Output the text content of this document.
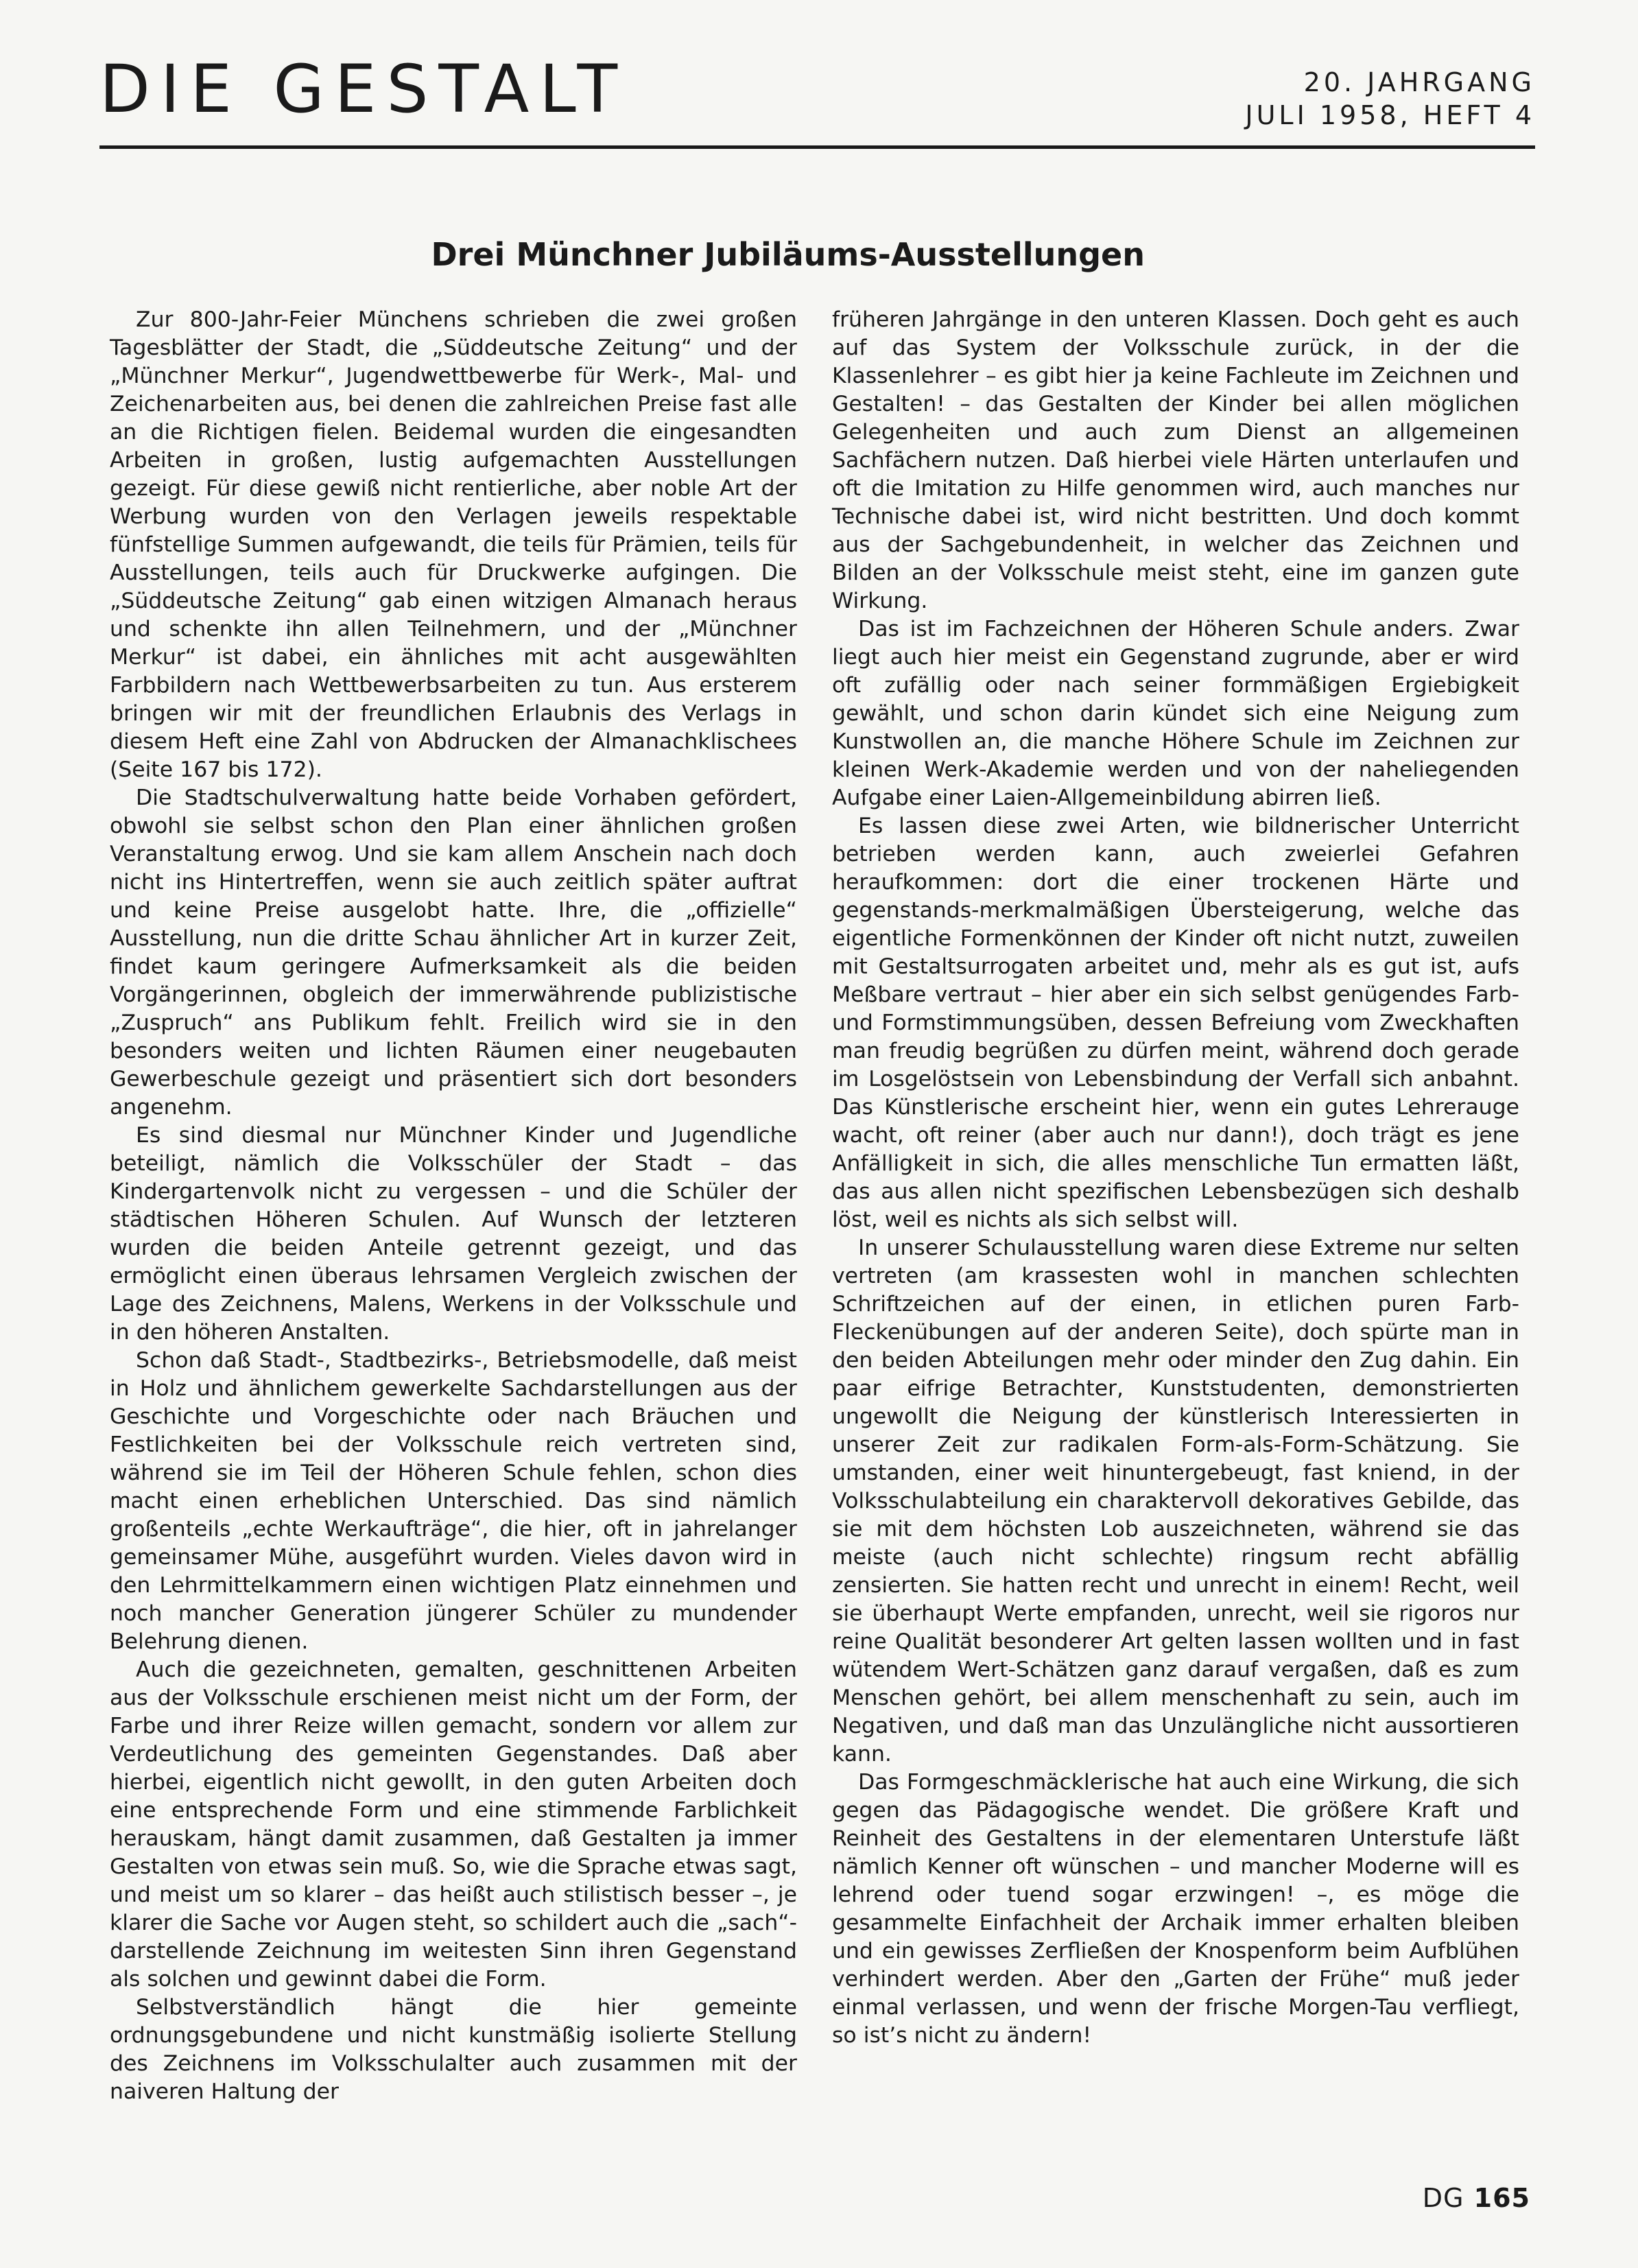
DIE GESTALT	20. JAHRGANG
JULI 1958, HEFT 4
Drei Münchner Jubiläums-Ausstellungen

Zur 800-Jahr-Feier Münchens schrieben die zwei großen Tagesblätter der Stadt, die „Süddeutsche Zeitung“ und der „Münchner Merkur“, Jugendwettbewerbe für Werk-, Mal- und Zeichenarbeiten aus, bei denen die zahlreichen Preise fast alle an die Richtigen fielen. Beidemal wurden die eingesandten Arbeiten in großen, lustig aufgemachten Ausstellungen gezeigt. Für diese gewiß nicht rentierliche, aber noble Art der Werbung wurden von den Verlagen jeweils respektable fünfstellige Summen aufgewandt, die teils für Prämien, teils für Ausstellungen, teils auch für Druckwerke aufgingen. Die „Süddeutsche Zeitung“ gab einen witzigen Almanach heraus und schenkte ihn allen Teilnehmern, und der „Münchner Merkur“ ist dabei, ein ähnliches mit acht ausgewählten Farbbildern nach Wettbewerbsarbeiten zu tun. Aus ersterem bringen wir mit der freundlichen Erlaubnis des Verlags in diesem Heft eine Zahl von Abdrucken der Almanachklischees (Seite 167 bis 172).

Die Stadtschulverwaltung hatte beide Vorhaben gefördert, obwohl sie selbst schon den Plan einer ähnlichen großen Veranstaltung erwog. Und sie kam allem Anschein nach doch nicht ins Hintertreffen, wenn sie auch zeitlich später auftrat und keine Preise ausgelobt hatte. Ihre, die „offizielle“ Ausstellung, nun die dritte Schau ähnlicher Art in kurzer Zeit, findet kaum geringere Aufmerksamkeit als die beiden Vorgängerinnen, obgleich der immerwährende publizistische „Zuspruch“ ans Publikum fehlt. Freilich wird sie in den besonders weiten und lichten Räumen einer neugebauten Gewerbeschule gezeigt und präsentiert sich dort besonders angenehm.

Es sind diesmal nur Münchner Kinder und Jugendliche beteiligt, nämlich die Volksschüler der Stadt – das Kindergartenvolk nicht zu vergessen – und die Schüler der städtischen Höheren Schulen. Auf Wunsch der letzteren wurden die beiden Anteile getrennt gezeigt, und das ermöglicht einen überaus lehrsamen Vergleich zwischen der Lage des Zeichnens, Malens, Werkens in der Volksschule und in den höheren Anstalten.

Schon daß Stadt-, Stadtbezirks-, Betriebsmodelle, daß meist in Holz und ähnlichem gewerkelte Sachdarstellungen aus der Geschichte und Vorgeschichte oder nach Bräuchen und Festlichkeiten bei der Volksschule reich vertreten sind, während sie im Teil der Höheren Schule fehlen, schon dies macht einen erheblichen Unterschied. Das sind nämlich großenteils „echte Werkaufträge“, die hier, oft in jahrelanger gemeinsamer Mühe, ausgeführt wurden. Vieles davon wird in den Lehrmittelkammern einen wichtigen Platz einnehmen und noch mancher Generation jüngerer Schüler zu mundender Belehrung dienen.

Auch die gezeichneten, gemalten, geschnittenen Arbeiten aus der Volksschule erschienen meist nicht um der Form, der Farbe und ihrer Reize willen gemacht, sondern vor allem zur Verdeutlichung des gemeinten Gegenstandes. Daß aber hierbei, eigentlich nicht gewollt, in den guten Arbeiten doch eine entsprechende Form und eine stimmende Farblichkeit herauskam, hängt damit zusammen, daß Gestalten ja immer Gestalten von etwas sein muß. So, wie die Sprache etwas sagt, und meist um so klarer – das heißt auch stilistisch besser –, je klarer die Sache vor Augen steht, so schildert auch die „sach“-darstellende Zeichnung im weitesten Sinn ihren Gegenstand als solchen und gewinnt dabei die Form.

Selbstverständlich hängt die hier gemeinte ordnungsgebundene und nicht kunstmäßig isolierte Stellung des Zeichnens im Volksschulalter auch zusammen mit der naiveren Haltung der

früheren Jahrgänge in den unteren Klassen. Doch geht es auch auf das System der Volksschule zurück, in der die Klassenlehrer – es gibt hier ja keine Fachleute im Zeichnen und Gestalten! – das Gestalten der Kinder bei allen möglichen Gelegenheiten und auch zum Dienst an allgemeinen Sachfächern nutzen. Daß hierbei viele Härten unterlaufen und oft die Imitation zu Hilfe genommen wird, auch manches nur Technische dabei ist, wird nicht bestritten. Und doch kommt aus der Sachgebundenheit, in welcher das Zeichnen und Bilden an der Volksschule meist steht, eine im ganzen gute Wirkung.

Das ist im Fachzeichnen der Höheren Schule anders. Zwar liegt auch hier meist ein Gegenstand zugrunde, aber er wird oft zufällig oder nach seiner formmäßigen Ergiebigkeit gewählt, und schon darin kündet sich eine Neigung zum Kunstwollen an, die manche Höhere Schule im Zeichnen zur kleinen Werk-Akademie werden und von der naheliegenden Aufgabe einer Laien-Allgemeinbildung abirren ließ.

Es lassen diese zwei Arten, wie bildnerischer Unterricht betrieben werden kann, auch zweierlei Gefahren heraufkommen: dort die einer trockenen Härte und gegenstands-merkmalmäßigen Übersteigerung, welche das eigentliche Formenkönnen der Kinder oft nicht nutzt, zuweilen mit Gestaltsurrogaten arbeitet und, mehr als es gut ist, aufs Meßbare vertraut – hier aber ein sich selbst genügendes Farb- und Formstimmungsüben, dessen Befreiung vom Zweckhaften man freudig begrüßen zu dürfen meint, während doch gerade im Losgelöstsein von Lebensbindung der Verfall sich anbahnt. Das Künstlerische erscheint hier, wenn ein gutes Lehrerauge wacht, oft reiner (aber auch nur dann!), doch trägt es jene Anfälligkeit in sich, die alles menschliche Tun ermatten läßt, das aus allen nicht spezifischen Lebensbezügen sich deshalb löst, weil es nichts als sich selbst will.

In unserer Schulausstellung waren diese Extreme nur selten vertreten (am krassesten wohl in manchen schlechten Schriftzeichen auf der einen, in etlichen puren Farb-Fleckenübungen auf der anderen Seite), doch spürte man in den beiden Abteilungen mehr oder minder den Zug dahin. Ein paar eifrige Betrachter, Kunststudenten, demonstrierten ungewollt die Neigung der künstlerisch Interessierten in unserer Zeit zur radikalen Form-als-Form-Schätzung. Sie umstanden, einer weit hinuntergebeugt, fast kniend, in der Volksschulabteilung ein charaktervoll dekoratives Gebilde, das sie mit dem höchsten Lob auszeichneten, während sie das meiste (auch nicht schlechte) ringsum recht abfällig zensierten. Sie hatten recht und unrecht in einem! Recht, weil sie überhaupt Werte empfanden, unrecht, weil sie rigoros nur reine Qualität besonderer Art gelten lassen wollten und in fast wütendem Wert-Schätzen ganz darauf vergaßen, daß es zum Menschen gehört, bei allem menschenhaft zu sein, auch im Negativen, und daß man das Unzulängliche nicht aussortieren kann.

Das Formgeschmäcklerische hat auch eine Wirkung, die sich gegen das Pädagogische wendet. Die größere Kraft und Reinheit des Gestaltens in der elementaren Unterstufe läßt nämlich Kenner oft wünschen – und mancher Moderne will es lehrend oder tuend sogar erzwingen! –, es möge die gesammelte Einfachheit der Archaik immer erhalten bleiben und ein gewisses Zerfließen der Knospenform beim Aufblühen verhindert werden. Aber den „Garten der Frühe“ muß jeder einmal verlassen, und wenn der frische Morgen-Tau verfliegt, so ist’s nicht zu ändern!

DG 165
